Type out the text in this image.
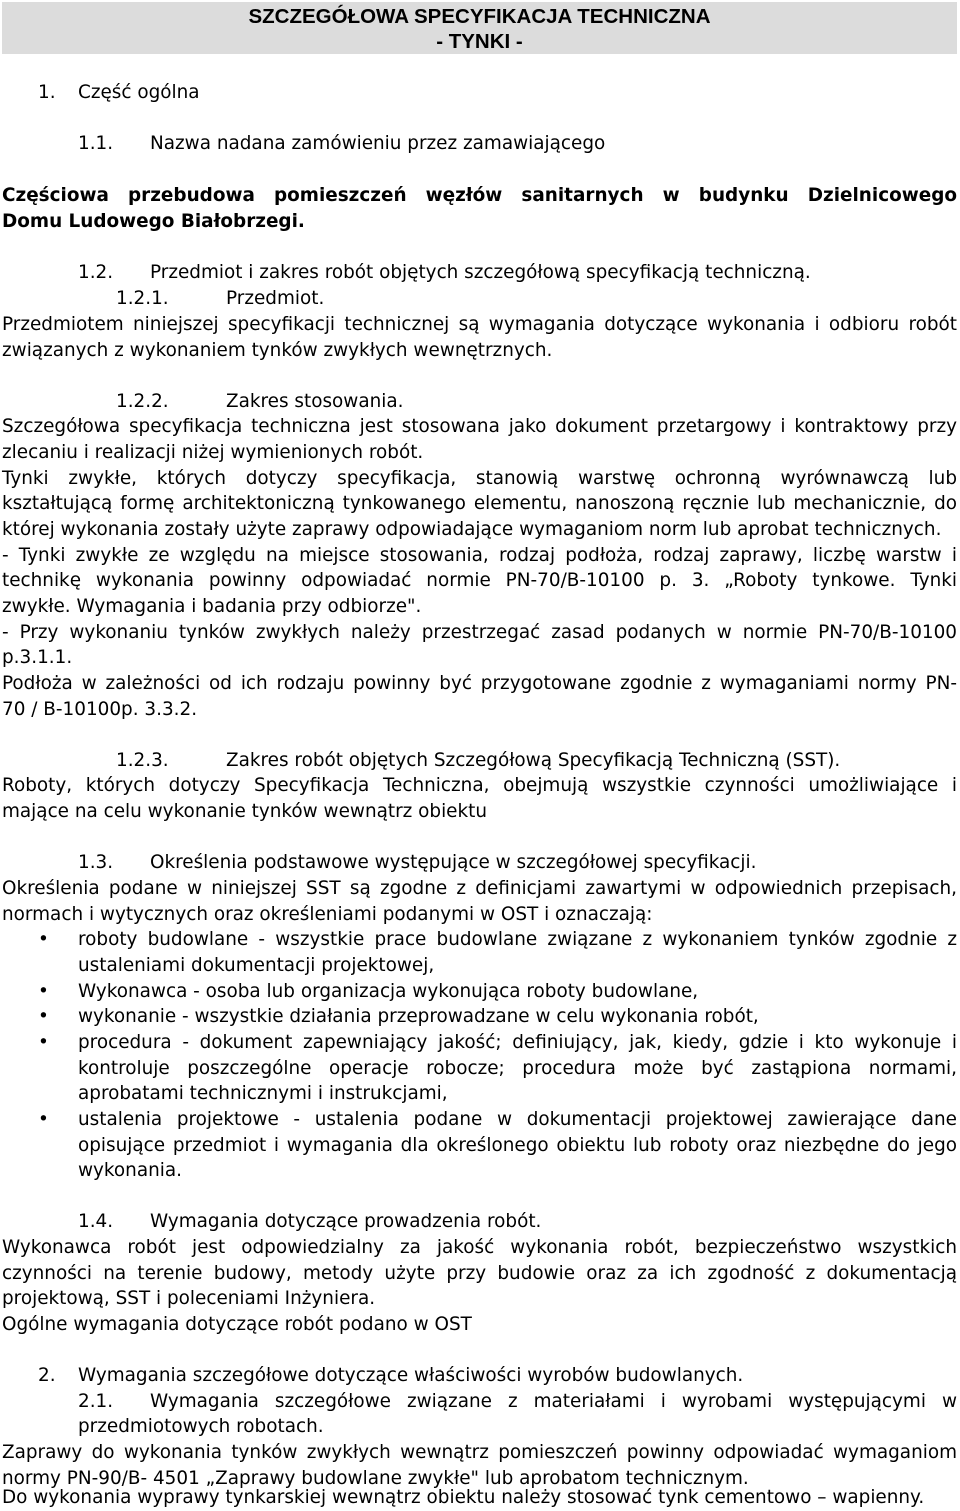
SZCZEGÓŁOWA SPECYFIKACJA TECHNICZNA
- TYNKI -
1. Część ogólna
1.1. Nazwa nadana zamówieniu przez zamawiającego
Częściowa przebudowa pomieszczeń węzłów sanitarnych w budynku Dzielnicowego
Domu Ludowego Białobrzegi.
1.2. Przedmiot i zakres robót objętych szczegółową specyfikacją techniczną.
1.2.1.	Przedmiot.
Przedmiotem niniejszej specyfikacji technicznej są wymagania dotyczące wykonania i odbioru robót
związanych z wykonaniem tynków zwykłych wewnętrznych.
1.2.2.	Zakres stosowania.
Szczegółowa specyfikacja techniczna jest stosowana jako dokument przetargowy i kontraktowy przy
zlecaniu i realizacji niżej wymienionych robót.
Tynki zwykłe, których dotyczy specyfikacja, stanowią warstwę ochronną wyrównawczą lub
kształtującą formę architektoniczną tynkowanego elementu, nanoszoną ręcznie lub mechanicznie, do
której wykonania zostały użyte zaprawy odpowiadające wymaganiom norm lub aprobat technicznych.
- Tynki zwykłe ze względu na miejsce stosowania, rodzaj podłoża, rodzaj zaprawy, liczbę warstw i
technikę wykonania powinny odpowiadać normie PN-70/B-10100 p. 3. „Roboty tynkowe. Tynki
zwykłe. Wymagania i badania przy odbiorze".
- Przy wykonaniu tynków zwykłych należy przestrzegać zasad podanych w normie PN-70/B-10100
p.3.1.1.
Podłoża w zależności od ich rodzaju powinny być przygotowane zgodnie z wymaganiami normy PN-
70 / B-10100p. 3.3.2.
1.2.3.	Zakres robót objętych Szczegółową Specyfikacją Techniczną (SST).
Roboty, których dotyczy Specyfikacja Techniczna, obejmują wszystkie czynności umożliwiające i
mające na celu wykonanie tynków wewnątrz obiektu
1.3. Określenia podstawowe występujące w szczegółowej specyfikacji.
Określenia podane w niniejszej SST są zgodne z definicjami zawartymi w odpowiednich przepisach,
normach i wytycznych oraz określeniami podanymi w OST i oznaczają:
• roboty budowlane - wszystkie prace budowlane związane z wykonaniem tynków zgodnie z
ustaleniami dokumentacji projektowej,
• Wykonawca - osoba lub organizacja wykonująca roboty budowlane,
• wykonanie - wszystkie działania przeprowadzane w celu wykonania robót,
• procedura - dokument zapewniający jakość; definiujący, jak, kiedy, gdzie i kto wykonuje i
kontroluje poszczególne operacje robocze; procedura może być zastąpiona normami,
aprobatami technicznymi i instrukcjami,
• ustalenia projektowe - ustalenia podane w dokumentacji projektowej zawierające dane
opisujące przedmiot i wymagania dla określonego obiektu lub roboty oraz niezbędne do jego
wykonania.
1.4. Wymagania dotyczące prowadzenia robót.
Wykonawca robót jest odpowiedzialny za jakość wykonania robót, bezpieczeństwo wszystkich
czynności na terenie budowy, metody użyte przy budowie oraz za ich zgodność z dokumentacją
projektową, SST i poleceniami Inżyniera.
Ogólne wymagania dotyczące robót podano w OST
2. Wymagania szczegółowe dotyczące właściwości wyrobów budowlanych.
2.1. Wymagania szczegółowe związane z materiałami i wyrobami występującymi w
przedmiotowych robotach.
Zaprawy do wykonania tynków zwykłych wewnątrz pomieszczeń powinny odpowiadać wymaganiom
normy PN-90/B- 4501 „Zaprawy budowlane zwykłe" lub aprobatom technicznym.
Do wykonania wyprawy tynkarskiej wewnątrz obiektu należy stosować tynk cementowo – wapienny.
